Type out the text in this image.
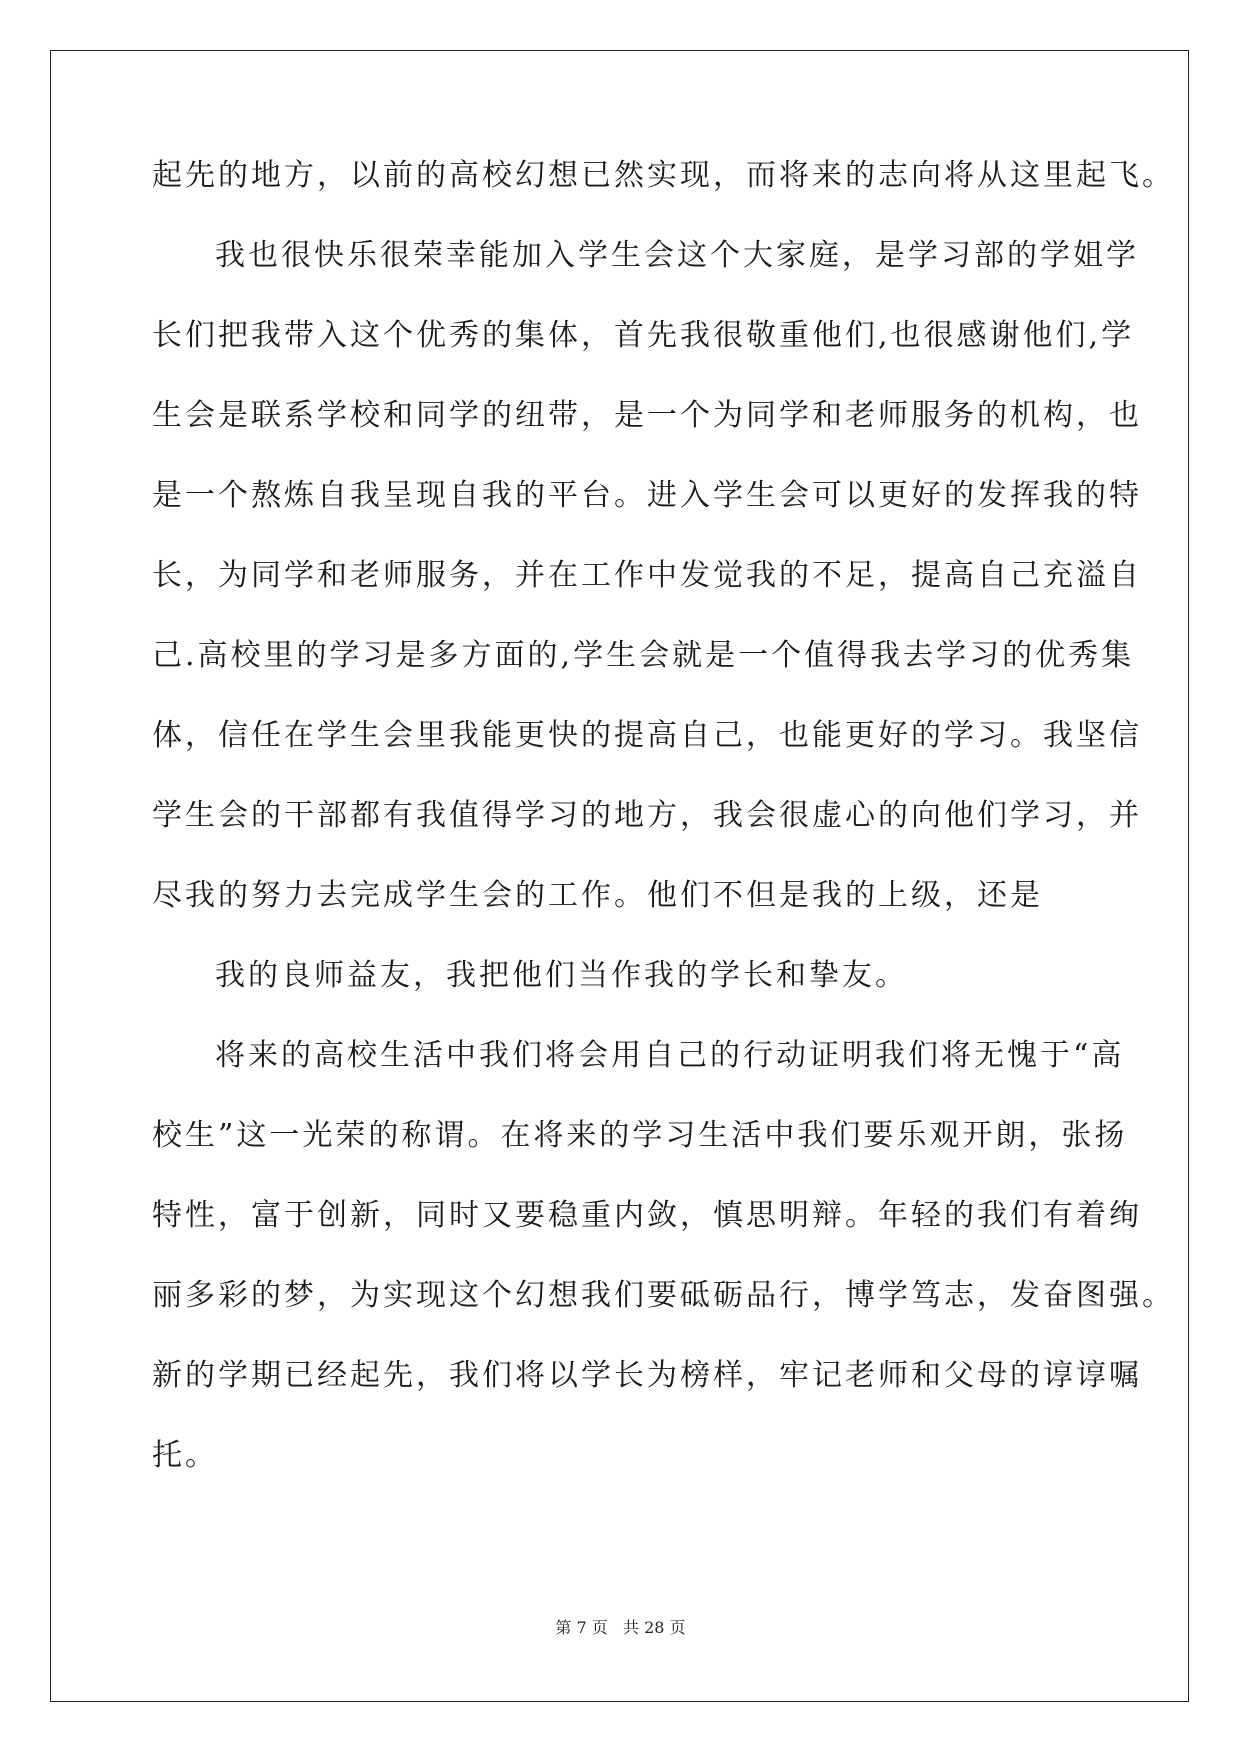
起先的地方，以前的高校幻想已然实现，而将来的志向将从这里起飞。
我也很快乐很荣幸能加入学生会这个大家庭，是学习部的学姐学
长们把我带入这个优秀的集体，首先我很敬重他们,也很感谢他们,学
生会是联系学校和同学的纽带，是一个为同学和老师服务的机构，也
是一个熬炼自我呈现自我的平台。进入学生会可以更好的发挥我的特
长，为同学和老师服务，并在工作中发觉我的不足，提高自己充溢自
己.高校里的学习是多方面的,学生会就是一个值得我去学习的优秀集
体，信任在学生会里我能更快的提高自己，也能更好的学习。我坚信
学生会的干部都有我值得学习的地方，我会很虚心的向他们学习，并
尽我的努力去完成学生会的工作。他们不但是我的上级，还是
我的良师益友，我把他们当作我的学长和挚友。
将来的高校生活中我们将会用自己的行动证明我们将无愧于“高
校生”这一光荣的称谓。在将来的学习生活中我们要乐观开朗，张扬
特性，富于创新，同时又要稳重内敛，慎思明辩。年轻的我们有着绚
丽多彩的梦，为实现这个幻想我们要砥砺品行，博学笃志，发奋图强。
新的学期已经起先，我们将以学长为榜样，牢记老师和父母的谆谆嘱
托。
第 7 页 共 28 页
